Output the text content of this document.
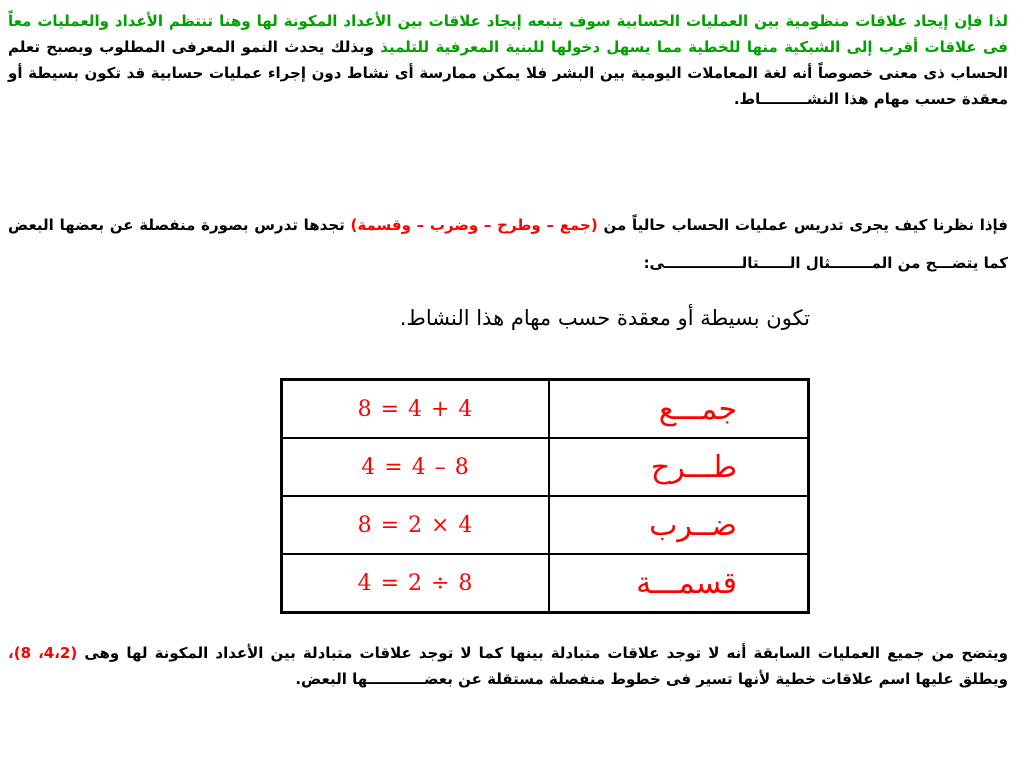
لذا فإن إيجاد علاقات منظومية بين العمليات الحسابية سوف يتبعه إيجاد علاقات بين الأعداد المكونة لها وهنا تنتظم الأعداد والعمليات معاً فى علاقات أقرب إلى الشبكية منها للخطية مما يسهل دخولها للبنية المعرفية للتلميذ وبذلك يحدث النمو المعرفى المطلوب ويصبح تعلم الحساب ذى معنى خصوصاً أنه لغة المعاملات اليومية بين البشر فلا يمكن ممارسة أى نشاط دون إجراء عمليات حسابية قد تكون بسيطة أو معقدة حسب مهام هذا النشـــــــــاط.

فإذا نظرنا كيف يجرى تدريس عمليات الحساب حالياً من (جمع – وطرح – وضرب – وقسمة) تجدها تدرس بصورة منفصلة عن بعضها البعض كما يتضـــح من المــــــــثال الــــــتالـــــــــــــــى:

تكون بسيطة أو معقدة حسب مهام هذا النشاط.
8 = 4 + 4	جمـــع
4 = 4 – 8	طـــرح
8 = 2 × 4	ضــرب
4 = 2 ÷ 8	قسمـــة

ويتضح من جميع العمليات السابقة أنه لا توجد علاقات متبادلة بينها كما لا توجد علاقات متبادلة بين الأعداد المكونة لها وهى (4،2، 8)، ويطلق عليها اسم علاقات خطية لأنها تسير فى خطوط منفصلة مستقلة عن بعضـــــــــــها البعض.
